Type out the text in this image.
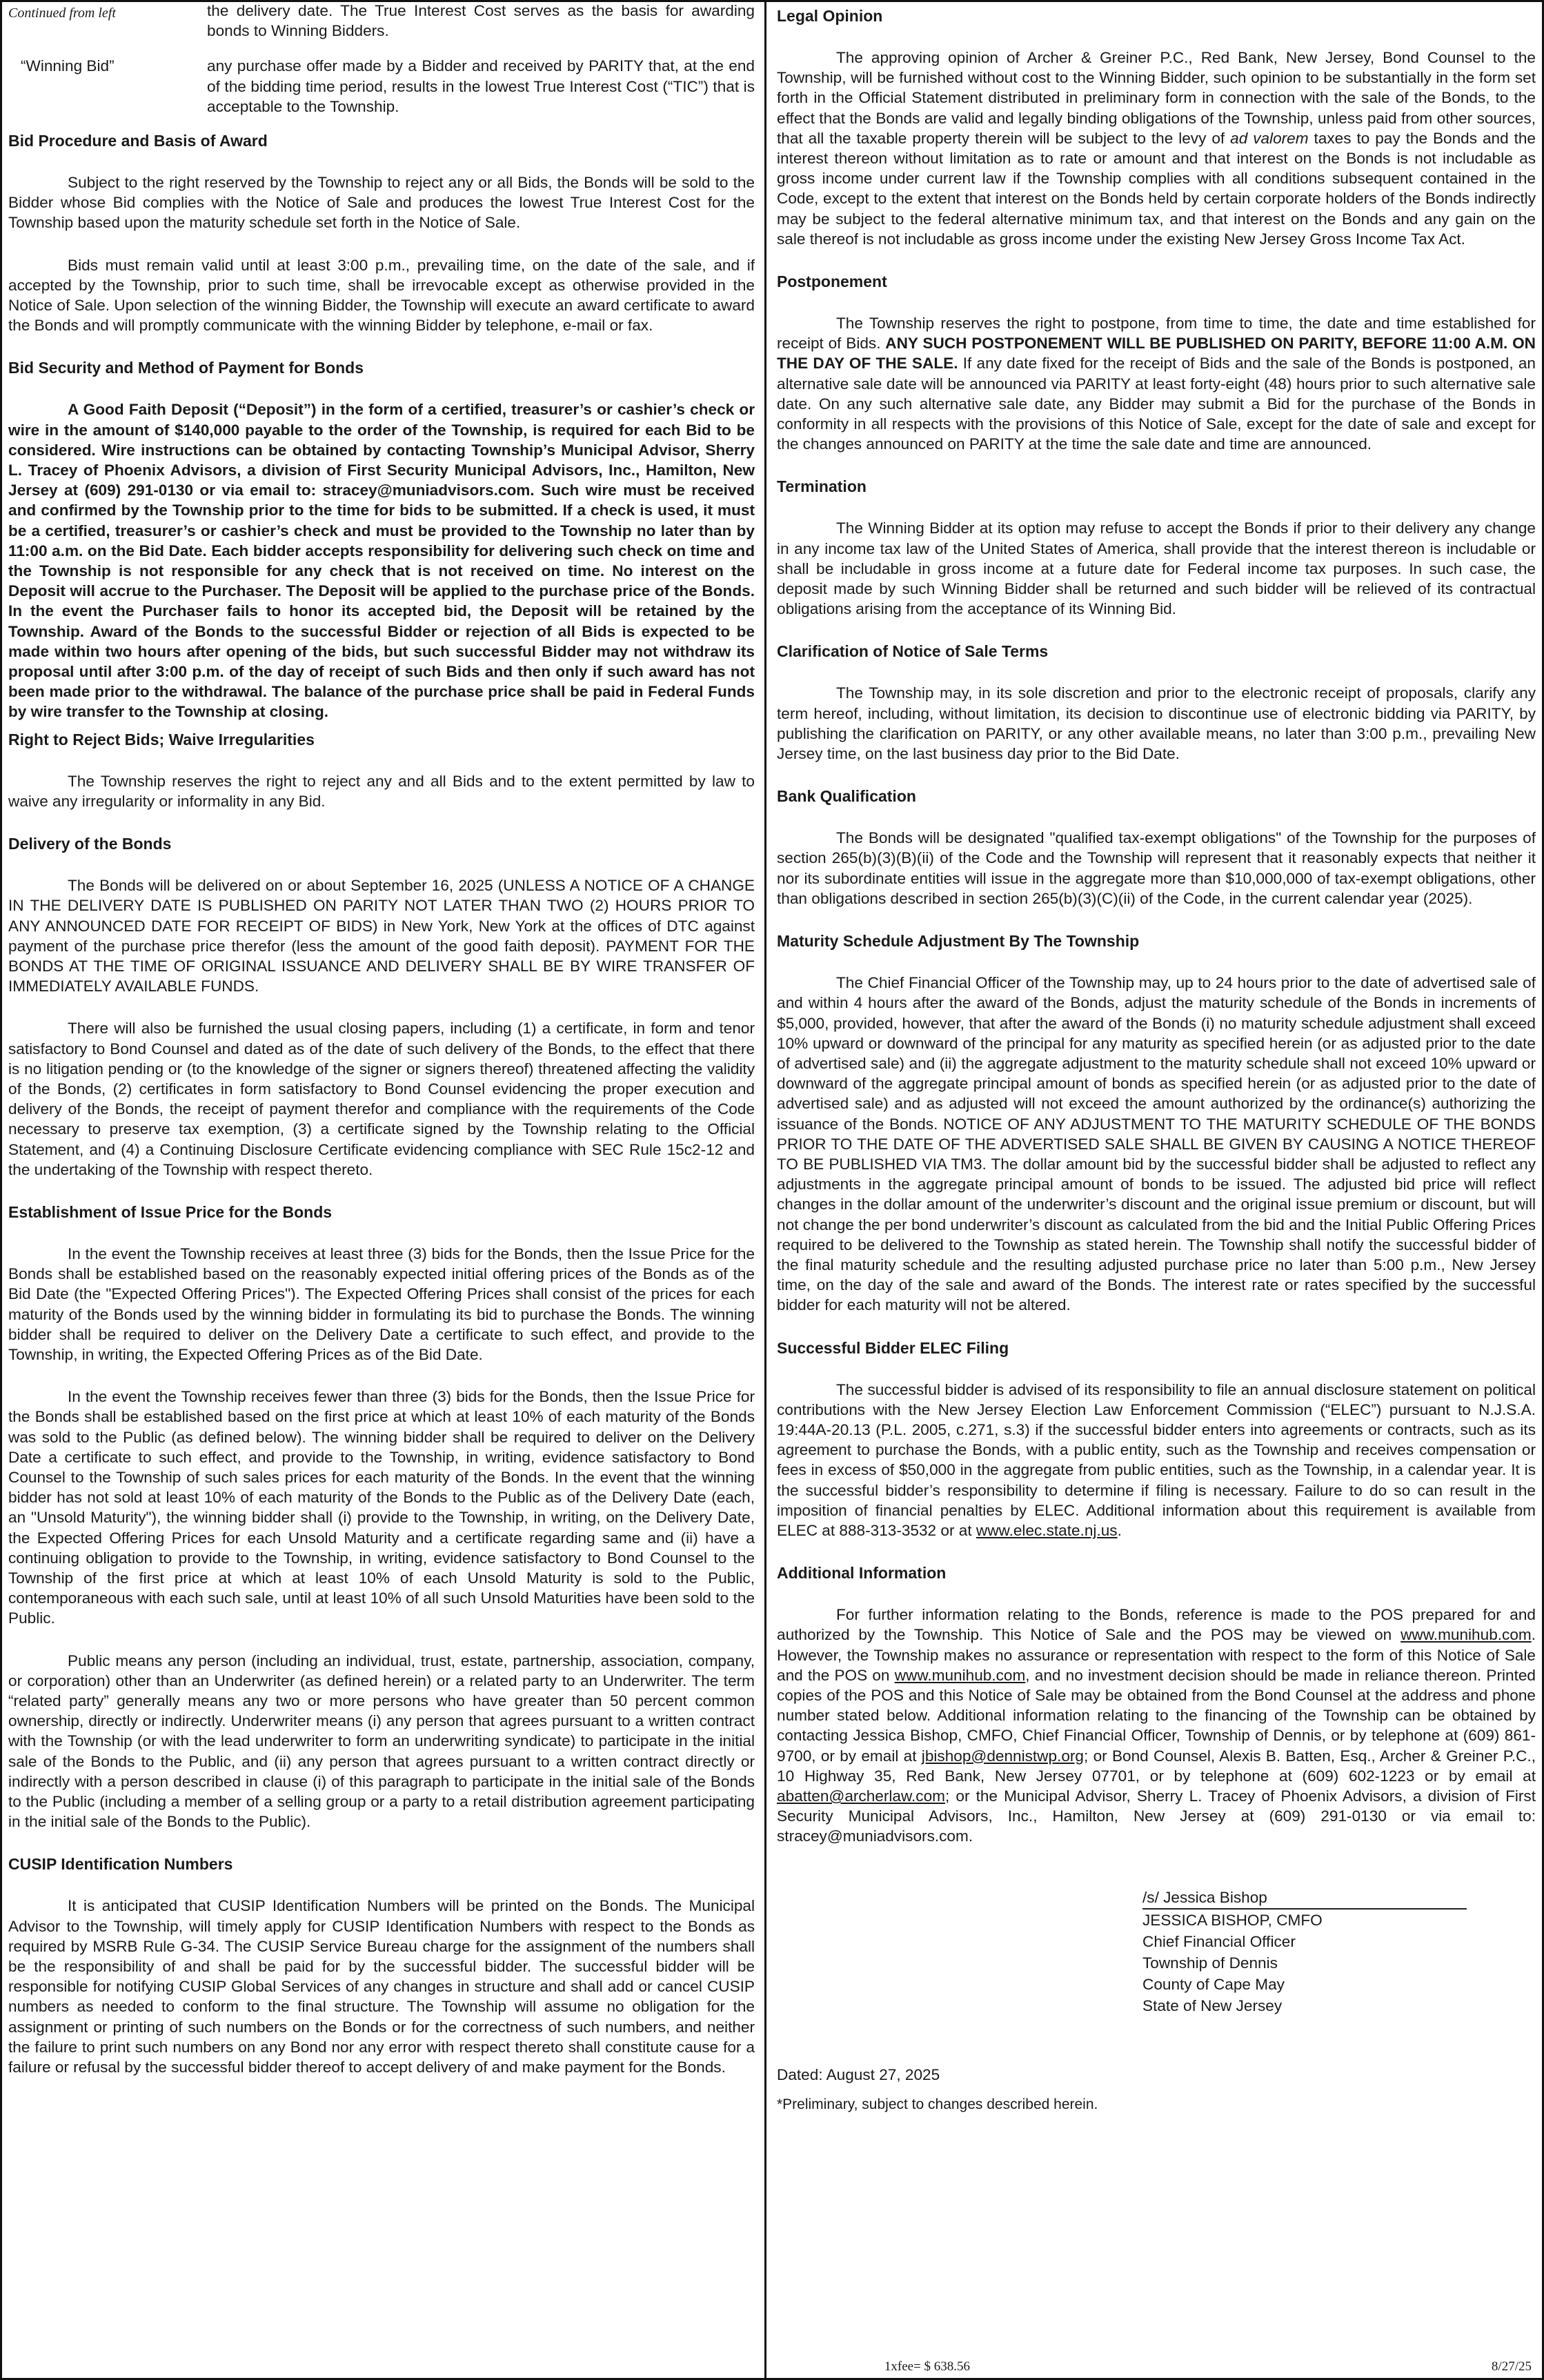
Continued from left	the delivery date. The True Interest Cost serves as the basis for awarding bonds to Winning Bidders.
“Winning Bid”	any purchase offer made by a Bidder and received by PARITY that, at the end of the bidding time period, results in the lowest True Interest Cost (“TIC”) that is acceptable to the Township.
Bid Procedure and Basis of Award

Subject to the right reserved by the Township to reject any or all Bids, the Bonds will be sold to the Bidder whose Bid complies with the Notice of Sale and produces the lowest True Interest Cost for the Township based upon the maturity schedule set forth in the Notice of Sale.

Bids must remain valid until at least 3:00 p.m., prevailing time, on the date of the sale, and if accepted by the Township, prior to such time, shall be irrevocable except as otherwise provided in the Notice of Sale. Upon selection of the winning Bidder, the Township will execute an award certificate to award the Bonds and will promptly communicate with the winning Bidder by telephone, e-mail or fax.

Bid Security and Method of Payment for Bonds

A Good Faith Deposit (“Deposit”) in the form of a certified, treasurer’s or cashier’s check or wire in the amount of $140,000 payable to the order of the Township, is required for each Bid to be considered. Wire instructions can be obtained by contacting Township’s Municipal Advisor, Sherry L. Tracey of Phoenix Advisors, a division of First Security Municipal Advisors, Inc., Hamilton, New Jersey at (609) 291-0130 or via email to: stracey@muniadvisors.com. Such wire must be received and confirmed by the Township prior to the time for bids to be submitted. If a check is used, it must be a certified, treasurer’s or cashier’s check and must be provided to the Township no later than by 11:00 a.m. on the Bid Date. Each bidder accepts responsibility for delivering such check on time and the Township is not responsible for any check that is not received on time. No interest on the Deposit will accrue to the Purchaser. The Deposit will be applied to the purchase price of the Bonds. In the event the Purchaser fails to honor its accepted bid, the Deposit will be retained by the Township. Award of the Bonds to the successful Bidder or rejection of all Bids is expected to be made within two hours after opening of the bids, but such successful Bidder may not withdraw its proposal until after 3:00 p.m. of the day of receipt of such Bids and then only if such award has not been made prior to the withdrawal. The balance of the purchase price shall be paid in Federal Funds by wire transfer to the Township at closing.

Right to Reject Bids; Waive Irregularities

The Township reserves the right to reject any and all Bids and to the extent permitted by law to waive any irregularity or informality in any Bid.

Delivery of the Bonds

The Bonds will be delivered on or about September 16, 2025 (UNLESS A NOTICE OF A CHANGE IN THE DELIVERY DATE IS PUBLISHED ON PARITY NOT LATER THAN TWO (2) HOURS PRIOR TO ANY ANNOUNCED DATE FOR RECEIPT OF BIDS) in New York, New York at the offices of DTC against payment of the purchase price therefor (less the amount of the good faith deposit). PAYMENT FOR THE BONDS AT THE TIME OF ORIGINAL ISSUANCE AND DELIVERY SHALL BE BY WIRE TRANSFER OF IMMEDIATELY AVAILABLE FUNDS.

There will also be furnished the usual closing papers, including (1) a certificate, in form and tenor satisfactory to Bond Counsel and dated as of the date of such delivery of the Bonds, to the effect that there is no litigation pending or (to the knowledge of the signer or signers thereof) threatened affecting the validity of the Bonds, (2) certificates in form satisfactory to Bond Counsel evidencing the proper execution and delivery of the Bonds, the receipt of payment therefor and compliance with the requirements of the Code necessary to preserve tax exemption, (3) a certificate signed by the Township relating to the Official Statement, and (4) a Continuing Disclosure Certificate evidencing compliance with SEC Rule 15c2-12 and the undertaking of the Township with respect thereto.

Establishment of Issue Price for the Bonds

In the event the Township receives at least three (3) bids for the Bonds, then the Issue Price for the Bonds shall be established based on the reasonably expected initial offering prices of the Bonds as of the Bid Date (the "Expected Offering Prices"). The Expected Offering Prices shall consist of the prices for each maturity of the Bonds used by the winning bidder in formulating its bid to purchase the Bonds. The winning bidder shall be required to deliver on the Delivery Date a certificate to such effect, and provide to the Township, in writing, the Expected Offering Prices as of the Bid Date.

In the event the Township receives fewer than three (3) bids for the Bonds, then the Issue Price for the Bonds shall be established based on the first price at which at least 10% of each maturity of the Bonds was sold to the Public (as defined below). The winning bidder shall be required to deliver on the Delivery Date a certificate to such effect, and provide to the Township, in writing, evidence satisfactory to Bond Counsel to the Township of such sales prices for each maturity of the Bonds. In the event that the winning bidder has not sold at least 10% of each maturity of the Bonds to the Public as of the Delivery Date (each, an "Unsold Maturity"), the winning bidder shall (i) provide to the Township, in writing, on the Delivery Date, the Expected Offering Prices for each Unsold Maturity and a certificate regarding same and (ii) have a continuing obligation to provide to the Township, in writing, evidence satisfactory to Bond Counsel to the Township of the first price at which at least 10% of each Unsold Maturity is sold to the Public, contemporaneous with each such sale, until at least 10% of all such Unsold Maturities have been sold to the Public.

Public means any person (including an individual, trust, estate, partnership, association, company, or corporation) other than an Underwriter (as defined herein) or a related party to an Underwriter. The term “related party” generally means any two or more persons who have greater than 50 percent common ownership, directly or indirectly. Underwriter means (i) any person that agrees pursuant to a written contract with the Township (or with the lead underwriter to form an underwriting syndicate) to participate in the initial sale of the Bonds to the Public, and (ii) any person that agrees pursuant to a written contract directly or indirectly with a person described in clause (i) of this paragraph to participate in the initial sale of the Bonds to the Public (including a member of a selling group or a party to a retail distribution agreement participating in the initial sale of the Bonds to the Public).

CUSIP Identification Numbers

It is anticipated that CUSIP Identification Numbers will be printed on the Bonds. The Municipal Advisor to the Township, will timely apply for CUSIP Identification Numbers with respect to the Bonds as required by MSRB Rule G-34. The CUSIP Service Bureau charge for the assignment of the numbers shall be the responsibility of and shall be paid for by the successful bidder. The successful bidder will be responsible for notifying CUSIP Global Services of any changes in structure and shall add or cancel CUSIP numbers as needed to conform to the final structure. The Township will assume no obligation for the assignment or printing of such numbers on the Bonds or for the correctness of such numbers, and neither the failure to print such numbers on any Bond nor any error with respect thereto shall constitute cause for a failure or refusal by the successful bidder thereof to accept delivery of and make payment for the Bonds.

Legal Opinion

The approving opinion of Archer & Greiner P.C., Red Bank, New Jersey, Bond Counsel to the Township, will be furnished without cost to the Winning Bidder, such opinion to be substantially in the form set forth in the Official Statement distributed in preliminary form in connection with the sale of the Bonds, to the effect that the Bonds are valid and legally binding obligations of the Township, unless paid from other sources, that all the taxable property therein will be subject to the levy of ad valorem taxes to pay the Bonds and the interest thereon without limitation as to rate or amount and that interest on the Bonds is not includable as gross income under current law if the Township complies with all conditions subsequent contained in the Code, except to the extent that interest on the Bonds held by certain corporate holders of the Bonds indirectly may be subject to the federal alternative minimum tax, and that interest on the Bonds and any gain on the sale thereof is not includable as gross income under the existing New Jersey Gross Income Tax Act.

Postponement

The Township reserves the right to postpone, from time to time, the date and time established for receipt of Bids. ANY SUCH POSTPONEMENT WILL BE PUBLISHED ON PARITY, BEFORE 11:00 A.M. ON THE DAY OF THE SALE. If any date fixed for the receipt of Bids and the sale of the Bonds is postponed, an alternative sale date will be announced via PARITY at least forty-eight (48) hours prior to such alternative sale date. On any such alternative sale date, any Bidder may submit a Bid for the purchase of the Bonds in conformity in all respects with the provisions of this Notice of Sale, except for the date of sale and except for the changes announced on PARITY at the time the sale date and time are announced.

Termination

The Winning Bidder at its option may refuse to accept the Bonds if prior to their delivery any change in any income tax law of the United States of America, shall provide that the interest thereon is includable or shall be includable in gross income at a future date for Federal income tax purposes. In such case, the deposit made by such Winning Bidder shall be returned and such bidder will be relieved of its contractual obligations arising from the acceptance of its Winning Bid.

Clarification of Notice of Sale Terms

The Township may, in its sole discretion and prior to the electronic receipt of proposals, clarify any term hereof, including, without limitation, its decision to discontinue use of electronic bidding via PARITY, by publishing the clarification on PARITY, or any other available means, no later than 3:00 p.m., prevailing New Jersey time, on the last business day prior to the Bid Date.

Bank Qualification

The Bonds will be designated "qualified tax-exempt obligations" of the Township for the purposes of section 265(b)(3)(B)(ii) of the Code and the Township will represent that it reasonably expects that neither it nor its subordinate entities will issue in the aggregate more than $10,000,000 of tax-exempt obligations, other than obligations described in section 265(b)(3)(C)(ii) of the Code, in the current calendar year (2025).

Maturity Schedule Adjustment By The Township

The Chief Financial Officer of the Township may, up to 24 hours prior to the date of advertised sale of and within 4 hours after the award of the Bonds, adjust the maturity schedule of the Bonds in increments of $5,000, provided, however, that after the award of the Bonds (i) no maturity schedule adjustment shall exceed 10% upward or downward of the principal for any maturity as specified herein (or as adjusted prior to the date of advertised sale) and (ii) the aggregate adjustment to the maturity schedule shall not exceed 10% upward or downward of the aggregate principal amount of bonds as specified herein (or as adjusted prior to the date of advertised sale) and as adjusted will not exceed the amount authorized by the ordinance(s) authorizing the issuance of the Bonds. NOTICE OF ANY ADJUSTMENT TO THE MATURITY SCHEDULE OF THE BONDS PRIOR TO THE DATE OF THE ADVERTISED SALE SHALL BE GIVEN BY CAUSING A NOTICE THEREOF TO BE PUBLISHED VIA TM3. The dollar amount bid by the successful bidder shall be adjusted to reflect any adjustments in the aggregate principal amount of bonds to be issued. The adjusted bid price will reflect changes in the dollar amount of the underwriter’s discount and the original issue premium or discount, but will not change the per bond underwriter’s discount as calculated from the bid and the Initial Public Offering Prices required to be delivered to the Township as stated herein. The Township shall notify the successful bidder of the final maturity schedule and the resulting adjusted purchase price no later than 5:00 p.m., New Jersey time, on the day of the sale and award of the Bonds. The interest rate or rates specified by the successful bidder for each maturity will not be altered.

Successful Bidder ELEC Filing

The successful bidder is advised of its responsibility to file an annual disclosure statement on political contributions with the New Jersey Election Law Enforcement Commission (“ELEC”) pursuant to N.J.S.A. 19:44A-20.13 (P.L. 2005, c.271, s.3) if the successful bidder enters into agreements or contracts, such as its agreement to purchase the Bonds, with a public entity, such as the Township and receives compensation or fees in excess of $50,000 in the aggregate from public entities, such as the Township, in a calendar year. It is the successful bidder’s responsibility to determine if filing is necessary. Failure to do so can result in the imposition of financial penalties by ELEC. Additional information about this requirement is available from ELEC at 888-313-3532 or at www.elec.state.nj.us.

Additional Information

For further information relating to the Bonds, reference is made to the POS prepared for and authorized by the Township. This Notice of Sale and the POS may be viewed on www.munihub.com. However, the Township makes no assurance or representation with respect to the form of this Notice of Sale and the POS on www.munihub.com, and no investment decision should be made in reliance thereon. Printed copies of the POS and this Notice of Sale may be obtained from the Bond Counsel at the address and phone number stated below. Additional information relating to the financing of the Township can be obtained by contacting Jessica Bishop, CMFO, Chief Financial Officer, Township of Dennis, or by telephone at (609) 861-9700, or by email at jbishop@dennistwp.org; or Bond Counsel, Alexis B. Batten, Esq., Archer & Greiner P.C., 10 Highway 35, Red Bank, New Jersey 07701, or by telephone at (609) 602-1223 or by email at abatten@archerlaw.com; or the Municipal Advisor, Sherry L. Tracey of Phoenix Advisors, a division of First Security Municipal Advisors, Inc., Hamilton, New Jersey at (609) 291-0130 or via email to: stracey@muniadvisors.com.

/s/ Jessica Bishop
JESSICA BISHOP, CMFO
Chief Financial Officer
Township of Dennis
County of Cape May
State of New Jersey
Dated: August 27, 2025
*Preliminary, subject to changes described herein.
1xfee= $ 638.56	8/27/25
